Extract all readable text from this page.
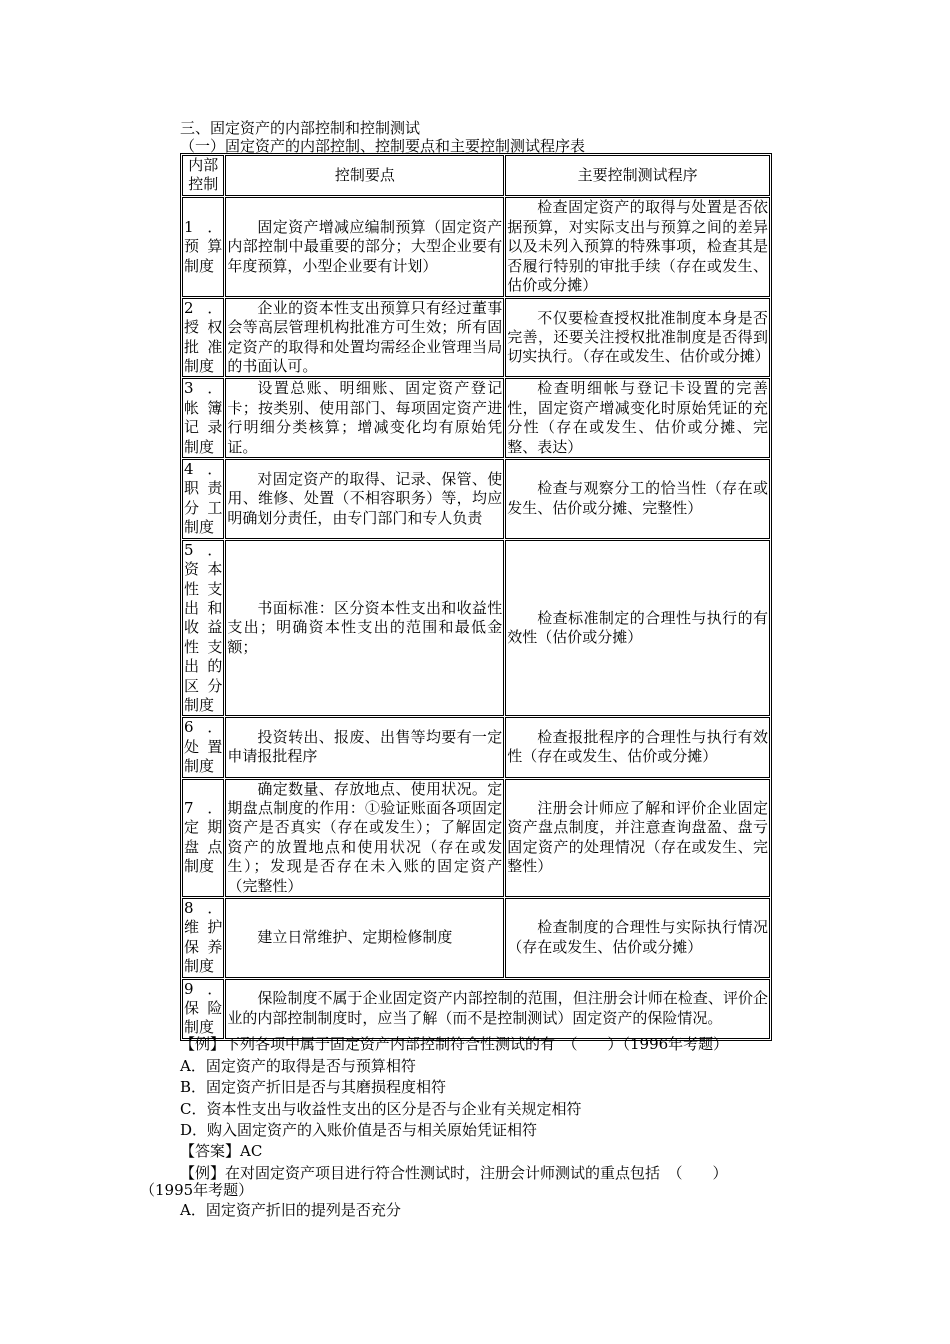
三、固定资产的内部控制和控制测试
（一）固定资产的内部控制、控制要点和主要控制测试程序表
内部控制	控制要点	主要控制测试程序
1．预算制度	固定资产增减应编制预算（固定资产内部控制中最重要的部分；大型企业要有年度预算，小型企业要有计划）	检查固定资产的取得与处置是否依据预算，对实际支出与预算之间的差异以及未列入预算的特殊事项，检查其是否履行特别的审批手续（存在或发生、估价或分摊）
2．授权批准制度	企业的资本性支出预算只有经过董事会等高层管理机构批准方可生效；所有固定资产的取得和处置均需经企业管理当局的书面认可。	不仅要检查授权批准制度本身是否完善，还要关注授权批准制度是否得到切实执行。（存在或发生、估价或分摊）
3．帐簿记录制度	设置总账、明细账、固定资产登记卡；按类别、使用部门、每项固定资产进行明细分类核算；增减变化均有原始凭证。	检查明细帐与登记卡设置的完善性，固定资产增减变化时原始凭证的充分性（存在或发生、估价或分摊、完整、表达）
4．职责分工制度	对固定资产的取得、记录、保管、使用、维修、处置（不相容职务）等，均应明确划分责任，由专门部门和专人负责	检查与观察分工的恰当性（存在或发生、估价或分摊、完整性）
5．资本性支出和收益性支出的区分制度	书面标准：区分资本性支出和收益性支出；明确资本性支出的范围和最低金额；	检查标准制定的合理性与执行的有效性（估价或分摊）
6．处置制度	投资转出、报废、出售等均要有一定申请报批程序	检查报批程序的合理性与执行有效性（存在或发生、估价或分摊）
7．定期盘点制度	确定数量、存放地点、使用状况。定期盘点制度的作用：①验证账面各项固定资产是否真实（存在或发生）；了解固定资产的放置地点和使用状况（存在或发生）；发现是否存在未入账的固定资产（完整性）	注册会计师应了解和评价企业固定资产盘点制度，并注意查询盘盈、盘亏固定资产的处理情况（存在或发生、完整性）
8．维护保养制度	建立日常维护、定期检修制度	检查制度的合理性与实际执行情况（存在或发生、估价或分摊）
9．保险制度	保险制度不属于企业固定资产内部控制的范围，但注册会计师在检查、评价企业的内部控制制度时，应当了解（而不是控制测试）固定资产的保险情况。	
【例】下列各项中属于固定资产内部控制符合性测试的有　（　　）（1996年考题）
A．固定资产的取得是否与预算相符
B．固定资产折旧是否与其磨损程度相符
C．资本性支出与收益性支出的区分是否与企业有关规定相符
D．购入固定资产的入账价值是否与相关原始凭证相符
【答案】AC
【例】在对固定资产项目进行符合性测试时，注册会计师测试的重点包括　（　　）
（1995年考题）
A．固定资产折旧的提列是否充分
